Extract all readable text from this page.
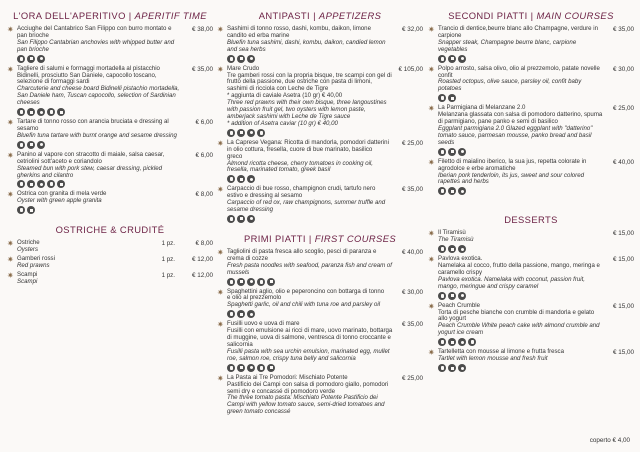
L'ORA DELL'APERITIVO | APERITIF TIME
✷ Acciughe del Cantabrico San Filippo con burro montato e pan brioche
San Filippo Cantabrian anchovies with whipped butter and pan brioche
€ 38,00
✷ Tagliere di salumi e formaggi mortadella al pistacchio Bidinelli, prosciutto San Daniele, capocollo toscano, selezione di formaggi sardi
Charcuterie and cheese board Bidinelli pistachio mortadella, San Daniele ham, Tuscan capocollo, selection of Sardinian cheeses
€ 35,00
✷ Tartare di tonno rosso con arancia bruciata e dressing al sesamo
Bluefin tuna tartare with burnt orange and sesame dressing
€ 6,00
✷ Panino al vapore con stracotto di maiale, salsa caesar, cetriolini sott'aceto e coriandolo
Steamed bun with pork stew, caesar dressing, pickled gherkins and cilantro
€ 6,00
✷ Ostrica con granita di mela verde
Oyster with green apple granita
€ 8,00
OSTRICHE & CRUDITÉ
✷ Ostriche
Oysters
1 pz.	€ 8,00
✷ Gamberi rossi
Red prawns
1 pz.	€ 12,00
✷ Scampi
Scampi
1 pz.	€ 12,00
ANTIPASTI | APPETIZERS
✷ Sashimi di tonno rosso, dashi, kombu, daikon, limone candito ed erba marine
Bluefin tuna sashimi, dashi, kombu, daikon, candied lemon and sea herbs
€ 32,00
✷ Mare Crudo
Tre gamberi rossi con la propria bisque, tre scampi con gel di frutto della passione, due ostriche con pasta di limoni, sashimi di ricciola con Leche de Tigre
* aggiunta di caviale Asetra (10 gr) € 40,00
Three red prawns with their own bisque, three langoustines with passion fruit gel, two oysters with lemon paste, amberjack sashimi with Leche de Tigre sauce
* addition of Asetra caviar (10 gr) € 40,00
€ 105,00
✷ La Caprese Vegana: Ricotta di mandorla, pomodori datterini in olio cottura, fresella, cuore di bue marinato, basilico greco
Almond ricotta cheese, cherry tomatoes in cooking oil, fresella, marinated tomato, greek basil
€ 25,00
✷ Carpaccio di bue rosso, champignon crudi, tartufo nero estivo e dressing al sesamo
Carpaccio of red ox, raw champignons, summer truffle and sesame dressing
€ 35,00
PRIMI PIATTI | FIRST COURSES
✷ Tagliolini di pasta fresca allo scoglio, pesci di paranza e crema di cozze
Fresh pasta noodles with seafood, paranza fish and cream of mussels
€ 40,00
✷ Spaghettini aglio, olio e peperoncino con bottarga di tonno e olio al prezzemolo
Spaghetti garlic, oil and chili with tuna roe and parsley oil
€ 30,00
✷ Fusilli uovo e uova di mare
Fusilli con emulsione ai ricci di mare, uovo marinato, bottarga di muggine, uova di salmone, ventresca di tonno croccante e salicornia
Fusilli pasta with sea urchin emulsion, marinated egg, mullet roe, salmon roe, crispy tuna belly and salicornia
€ 35,00
✷ La Pasta ai Tre Pomodori: Mischiato Potente
Pastificio dei Campi con salsa di pomodoro giallo, pomodori semi dry e concassé di pomodoro verde
The three tomato pasta: Mischiato Potente Pastificio dei Campi with yellow tomato sauce, semi-dried tomatoes and green tomato concassé
€ 25,00
SECONDI PIATTI | MAIN COURSES
✷ Trancio di dentice,beurre blanc allo Champagne, verdure in carpione
Snapper steak, Champagne beurre blanc, carpione vegetables
€ 35,00
✷ Polpo arrosto, salsa olivo, olio al prezzemolo, patate novelle confit
Roasted octopus, olive sauce, parsley oil, confit baby potatoes
€ 30,00
✷ La Parmigiana di Melanzane 2.0
Melanzana glassata con salsa di pomodoro datterino, spuma di parmigiano, pane panko e semi di basilico
Eggplant parmigiana 2.0 Glazed eggplant with "datterino" tomato sauce, parmesan mousse, panko bread and basil seeds
€ 25,00
✷ Filetto di maialino iberico, la sua jus, repetta colorate in agrodolce e erbe aromatiche
Iberian pork tenderloin, its jus, sweet and sour colored rapettes and herbs
€ 40,00
DESSERTS
✷ Il Tiramisù
The Tiramisù
€ 15,00
✷ Pavlova exotica.
Namelaka al cocco, frutto della passione, mango, meringa e caramello crispy
Pavlova exotica. Namelaka with coconut, passion fruit, mango, meringue and crispy caramel
€ 15,00
✷ Peach Crumble
Torta di pesche bianche con crumble di mandorla e gelato allo yogurt
Peach Crumble White peach cake with almond crumble and yogurt ice cream
€ 15,00
✷ Tartelletta con mousse al limone e frutta fresca
Tartlet with lemon mousse and fresh fruit
€ 15,00
coperto € 4,00
